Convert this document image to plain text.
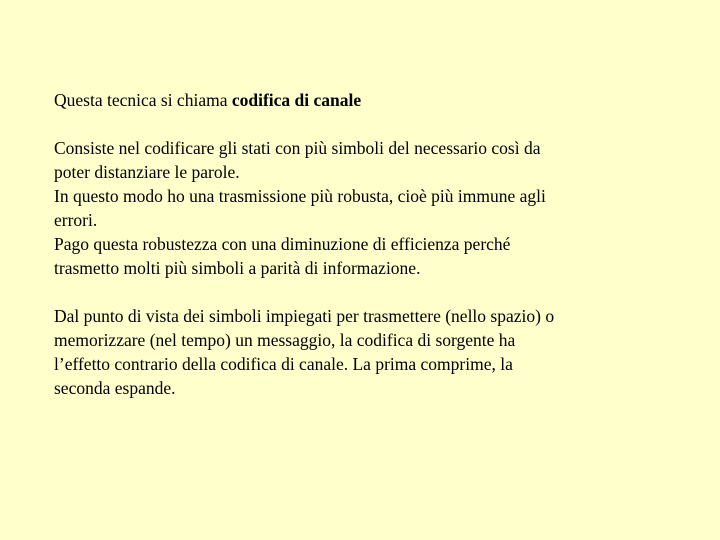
Questa tecnica si chiama codifica di canale
Consiste nel codificare gli stati con più simboli del necessario così da
poter distanziare le parole.
In questo modo ho una trasmissione più robusta, cioè più immune agli
errori.
Pago questa robustezza con una diminuzione di efficienza perché
trasmetto molti più simboli a parità di informazione.
Dal punto di vista dei simboli impiegati per trasmettere (nello spazio) o
memorizzare (nel tempo) un messaggio, la codifica di sorgente ha
l’effetto contrario della codifica di canale. La prima comprime, la
seconda espande.
